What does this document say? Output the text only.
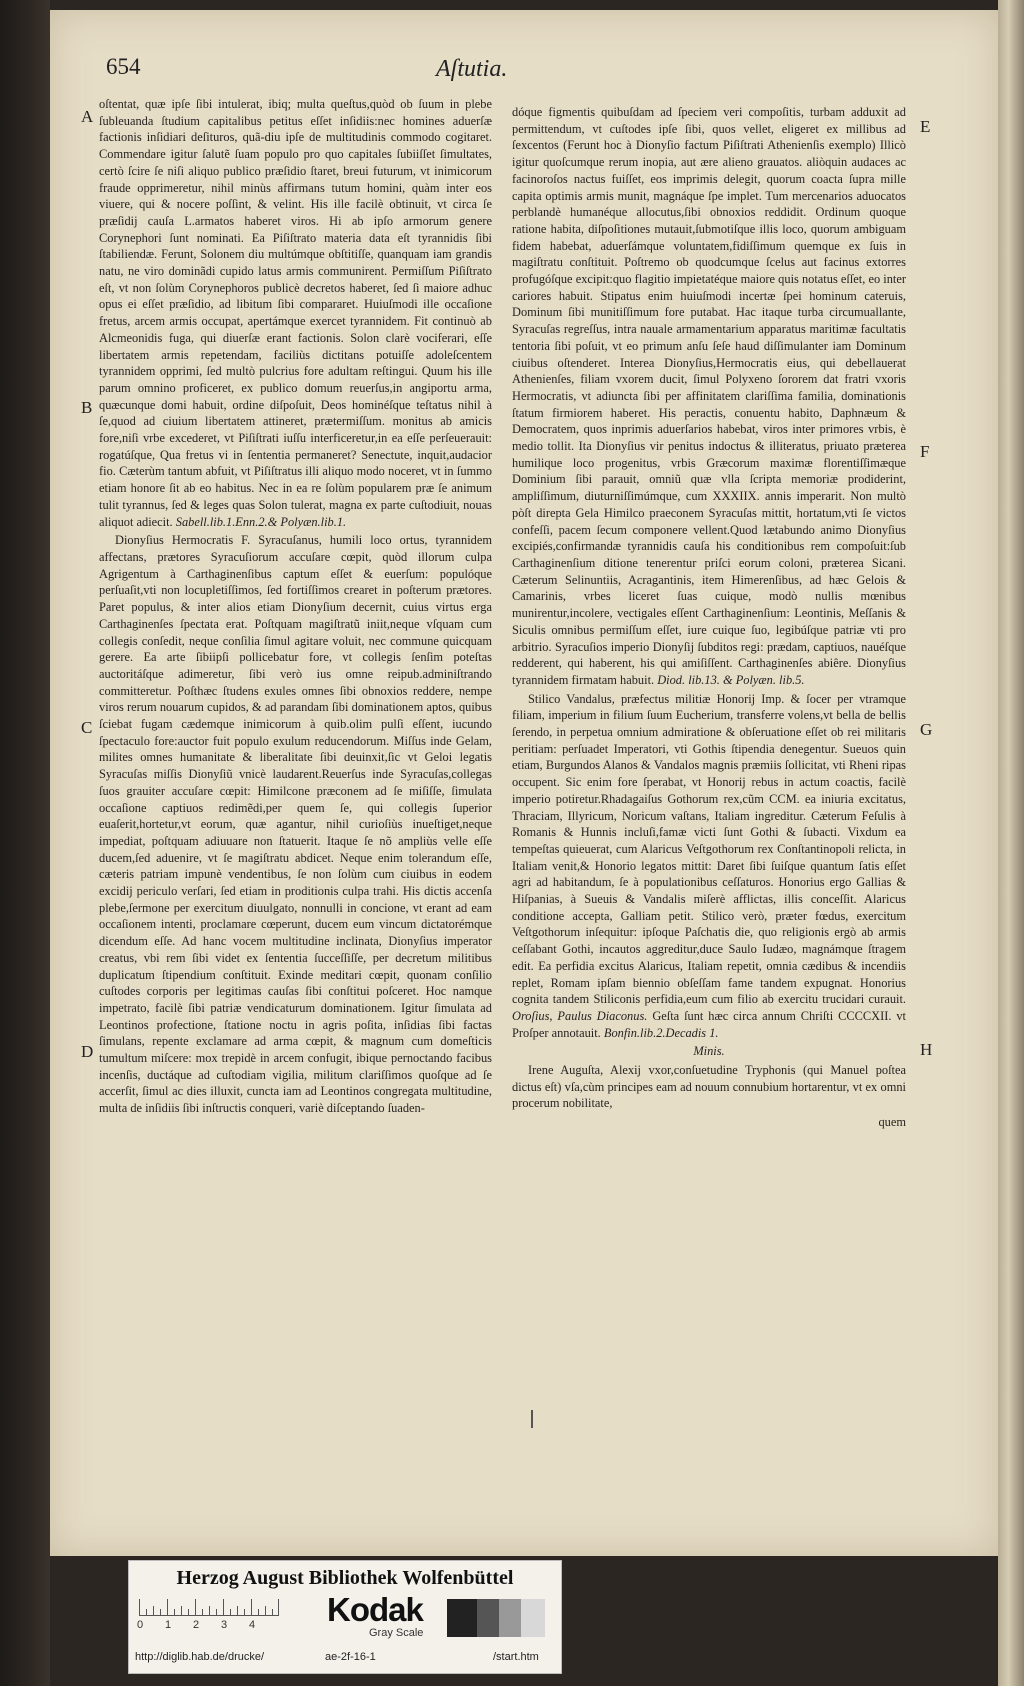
654	Aſtutia.
A
B
C
D
E
F
G
H

oſtentat, quæ ipſe ſibi intulerat, ibiq; multa queſtus,quòd ob ſuum in plebe ſubleuanda ſtudium capitalibus petitus eſſet inſidiis:nec homines aduerſæ factionis inſidiari deſituros, quã-diu ipſe de multitudinis commodo cogitaret. Commendare igitur ſalutẽ ſuam populo pro quo capitales ſubiiſſet ſimultates, certò ſcire ſe niſi aliquo publico præſidio ſtaret, breui futurum, vt inimicorum fraude opprimeretur, nihil minùs affirmans tutum homini, quàm inter eos viuere, qui & nocere poſſint, & velint. His ille facilè obtinuit, vt circa ſe præſidij cauſa L.armatos haberet viros. Hi ab ipſo armorum genere Corynephori ſunt nominati. Ea Piſiſtrato materia data eſt tyrannidis ſibi ſtabiliendæ. Ferunt, Solonem diu multúmque obſtitiſſe, quanquam iam grandis natu, ne viro dominãdi cupido latus armis communirent. Permiſſum Piſiſtrato eſt, vt non ſolùm Corynephoros publicè decretos haberet, ſed ſi maiore adhuc opus ei eſſet præſidio, ad libitum ſibi compararet. Huiuſmodi ille occaſione fretus, arcem armis occupat, apertámque exercet tyrannidem. Fit continuò ab Alcmeonidis fuga, qui diuerſæ erant factionis. Solon clarè vociferari, eſſe libertatem armis repetendam, faciliùs dictitans potuiſſe adoleſcentem tyrannidem opprimi, ſed multò pulcrius fore adultam reſtingui. Quum his ille parum omnino proficeret, ex publico domum reuerſus,in angiportu arma, quæcunque domi habuit, ordine diſpoſuit, Deos hominéſque teſtatus nihil à ſe,quod ad ciuium libertatem attineret, prætermiſſum. monitus ab amicis fore,niſi vrbe excederet, vt Piſiſtrati iuſſu interficeretur,in ea eſſe perſeuerauit: rogatúſque, Qua fretus vi in ſententia permaneret? Senectute, inquit,audacior fio. Cæterùm tantum abfuit, vt Piſiſtratus illi aliquo modo noceret, vt in ſummo etiam honore ſit ab eo habitus. Nec in ea re ſolùm popularem præ ſe animum tulit tyrannus, ſed & leges quas Solon tulerat, magna ex parte cuſtodiuit, nouas aliquot adiecit. Sabell.lib.1.Enn.2.& Polyæn.lib.1.

Dionyſius Hermocratis F. Syracuſanus, humili loco ortus, tyrannidem affectans, prætores Syracuſiorum accuſare cœpit, quòd illorum culpa Agrigentum à Carthaginenſibus captum eſſet & euerſum: populóque perſuaſit,vti non locupletiſſimos, ſed fortiſſimos crearet in poſterum prætores. Paret populus, & inter alios etiam Dionyſium decernit, cuius virtus erga Carthaginenſes ſpectata erat. Poſtquam magiſtratũ iniit,neque vſquam cum collegis conſedit, neque conſilia ſimul agitare voluit, nec commune quicquam gerere. Ea arte ſibiipſi pollicebatur fore, vt collegis ſenſim poteſtas auctoritáſque adimeretur, ſibi verò ius omne reipub.adminiſtrando committeretur. Poſthæc ſtudens exules omnes ſibi obnoxios reddere, nempe viros rerum nouarum cupidos, & ad parandam ſibi dominationem aptos, quibus ſciebat fugam cædemque inimicorum à quib.olim pulſi eſſent, iucundo ſpectaculo fore:auctor fuit populo exulum reducendorum. Miſſus inde Gelam, milites omnes humanitate & liberalitate ſibi deuinxit,ſic vt Geloi legatis Syracuſas miſſis Dionyſiũ vnicè laudarent.Reuerſus inde Syracuſas,collegas ſuos grauiter accuſare cœpit: Himilcone præconem ad ſe miſiſſe, ſimulata occaſione captiuos redimẽdi,per quem ſe, qui collegis ſuperior euaſerit,hortetur,vt eorum, quæ agantur, nihil curioſiùs inueſtiget,neque impediat, poſtquam adiuuare non ſtatuerit. Itaque ſe nõ ampliùs velle eſſe ducem,ſed aduenire, vt ſe magiſtratu abdicet. Neque enim tolerandum eſſe, cæteris patriam impunè vendentibus, ſe non ſolùm cum ciuibus in eodem excidij periculo verſari, ſed etiam in proditionis culpa trahi. His dictis accenſa plebe,ſermone per exercitum diuulgato, nonnulli in concione, vt erant ad eam occaſionem intenti, proclamare cœperunt, ducem eum vincum dictatorémque dicendum eſſe. Ad hanc vocem multitudine inclinata, Dionyſius imperator creatus, vbi rem ſibi videt ex ſententia ſucceſſiſſe, per decretum militibus duplicatum ſtipendium conſtituit. Exinde meditari cœpit, quonam conſilio cuſtodes corporis per legitimas cauſas ſibi conſtitui poſceret. Hoc namque impetrato, facilè ſibi patriæ vendicaturum dominationem. Igitur ſimulata ad Leontinos profectione, ſtatione noctu in agris poſita, inſidias ſibi factas ſimulans, repente exclamare ad arma cœpit, & magnum cum domeſticis tumultum miſcere: mox trepidè in arcem confugit, ibique pernoctando facibus incenſis, ductáque ad cuſtodiam vigilia, militum clariſſimos quoſque ad ſe accerſit, ſimul ac dies illuxit, cuncta iam ad Leontinos congregata multitudine, multa de inſidiis ſibi inſtructis conqueri, variè diſceptando ſuaden-

dóque figmentis quibuſdam ad ſpeciem veri compoſitis, turbam adduxit ad permittendum, vt cuſtodes ipſe ſibi, quos vellet, eligeret ex millibus ad ſexcentos (Ferunt hoc à Dionyſio factum Piſiſtrati Athenienſis exemplo) Illicò igitur quoſcumque rerum inopia, aut ære alieno grauatos. aliòquin audaces ac facinoroſos nactus fuiſſet, eos imprimis delegit, quorum coacta ſupra mille capita optimis armis munit, magnáque ſpe implet. Tum mercenarios aduocatos perblandè humanéque allocutus,ſibi obnoxios reddidit. Ordinum quoque ratione habita, diſpoſitiones mutauit,ſubmotiſque illis loco, quorum ambiguam fidem habebat, aduerſámque voluntatem,fidiſſimum quemque ex ſuis in magiſtratu conſtituit. Poſtremo ob quodcumque ſcelus aut facinus extorres profugóſque excipit:quo flagitio impietatéque maiore quis notatus eſſet, eo inter cariores habuit. Stipatus enim huiuſmodi incertæ ſpei hominum cateruis, Dominum ſibi munitiſſimum fore putabat. Hac itaque turba circumuallante, Syracuſas regreſſus, intra nauale armamentarium apparatus maritimæ facultatis tentoria ſibi poſuit, vt eo primum anſu ſeſe haud diſſimulanter iam Dominum ciuibus oſtenderet. Interea Dionyſius,Hermocratis eius, qui debellauerat Athenienſes, filiam vxorem ducit, ſimul Polyxeno ſororem dat fratri vxoris Hermocratis, vt adiuncta ſibi per affinitatem clariſſima familia, dominationis ſtatum firmiorem haberet. His peractis, conuentu habito, Daphnæum & Democratem, quos inprimis aduerſarios habebat, viros inter primores vrbis, è medio tollit. Ita Dionyſius vir penitus indoctus & illiteratus, priuato præterea humilique loco progenitus, vrbis Græcorum maximæ florentiſſimæque Dominium ſibi parauit, omniũ quæ vlla ſcripta memoriæ prodiderint, ampliſſimum, diuturniſſimúmque, cum XXXIIX. annis imperarit. Non multò pòſt direpta Gela Himilco praeconem Syracuſas mittit, hortatum,vti ſe victos confeſſi, pacem ſecum componere vellent.Quod lætabundo animo Dionyſius excipiés,confirmandæ tyrannidis cauſa his conditionibus rem compoſuit:ſub Carthaginenſium ditione tenerentur priſci eorum coloni, præterea Sicani. Cæterum Selinuntiis, Acragantinis, item Himerenſibus, ad hæc Gelois & Camarinis, vrbes liceret ſuas cuique, modò nullis mœnibus munirentur,incolere, vectigales eſſent Carthaginenſium: Leontinis, Meſſanis & Siculis omnibus permiſſum eſſet, iure cuique ſuo, legibúſque patriæ vti pro arbitrio. Syracuſios imperio Dionyſij ſubditos regi: prædam, captiuos, nauéſque redderent, qui haberent, his qui amiſiſſent. Carthaginenſes abiêre. Dionyſius tyrannidem firmatam habuit. Diod. lib.13. & Polyæn. lib.5.

Stilico Vandalus, præfectus militiæ Honorij Imp. & ſocer per vtramque filiam, imperium in filium ſuum Eucherium, transferre volens,vt bella de bellis ſerendo, in perpetua omnium admiratione & obſeruatione eſſet ob rei militaris peritiam: perſuadet Imperatori, vti Gothis ſtipendia denegentur. Sueuos quin etiam, Burgundos Alanos & Vandalos magnis præmiis ſollicitat, vti Rheni ripas occupent. Sic enim fore ſperabat, vt Honorij rebus in actum coactis, facilè imperio potiretur.Rhadagaiſus Gothorum rex,cũm CCM. ea iniuria excitatus, Thraciam, Illyricum, Noricum vaſtans, Italiam ingreditur. Cæterum Feſulis à Romanis & Hunnis incluſi,famæ victi ſunt Gothi & ſubacti. Vixdum ea tempeſtas quieuerat, cum Alaricus Veſtgothorum rex Conſtantinopoli relicta, in Italiam venit,& Honorio legatos mittit: Daret ſibi ſuiſque quantum ſatis eſſet agri ad habitandum, ſe à populationibus ceſſaturos. Honorius ergo Gallias & Hiſpanias, à Sueuis & Vandalis miſerè afflictas, illis conceſſit. Alaricus conditione accepta, Galliam petit. Stilico verò, præter fœdus, exercitum Veſtgothorum inſequitur: ipſoque Paſchatis die, quo religionis ergò ab armis ceſſabant Gothi, incautos aggreditur,duce Saulo Iudæo, magnámque ſtragem edit. Ea perfidia excitus Alaricus, Italiam repetit, omnia cædibus & incendiis replet, Romam ipſam biennio obſeſſam fame tandem expugnat. Honorius cognita tandem Stiliconis perfidia,eum cum filio ab exercitu trucidari curauit. Oroſius, Paulus Diaconus. Geſta ſunt hæc circa annum Chriſti CCCCXII. vt Proſper annotauit. Bonfin.lib.2.Decadis 1.

Minis.

Irene Auguſta, Alexij vxor,conſuetudine Tryphonis (qui Manuel poſtea dictus eſt) vſa,cùm principes eam ad nouum connubium hortarentur, vt ex omni procerum nobilitate,

quem

Herzog August Bibliothek Wolfenbüttel
0 1 2 3 4 Kodak
Gray Scale
http://diglib.hab.de/drucke/	ae-2f-16-1	/start.htm
